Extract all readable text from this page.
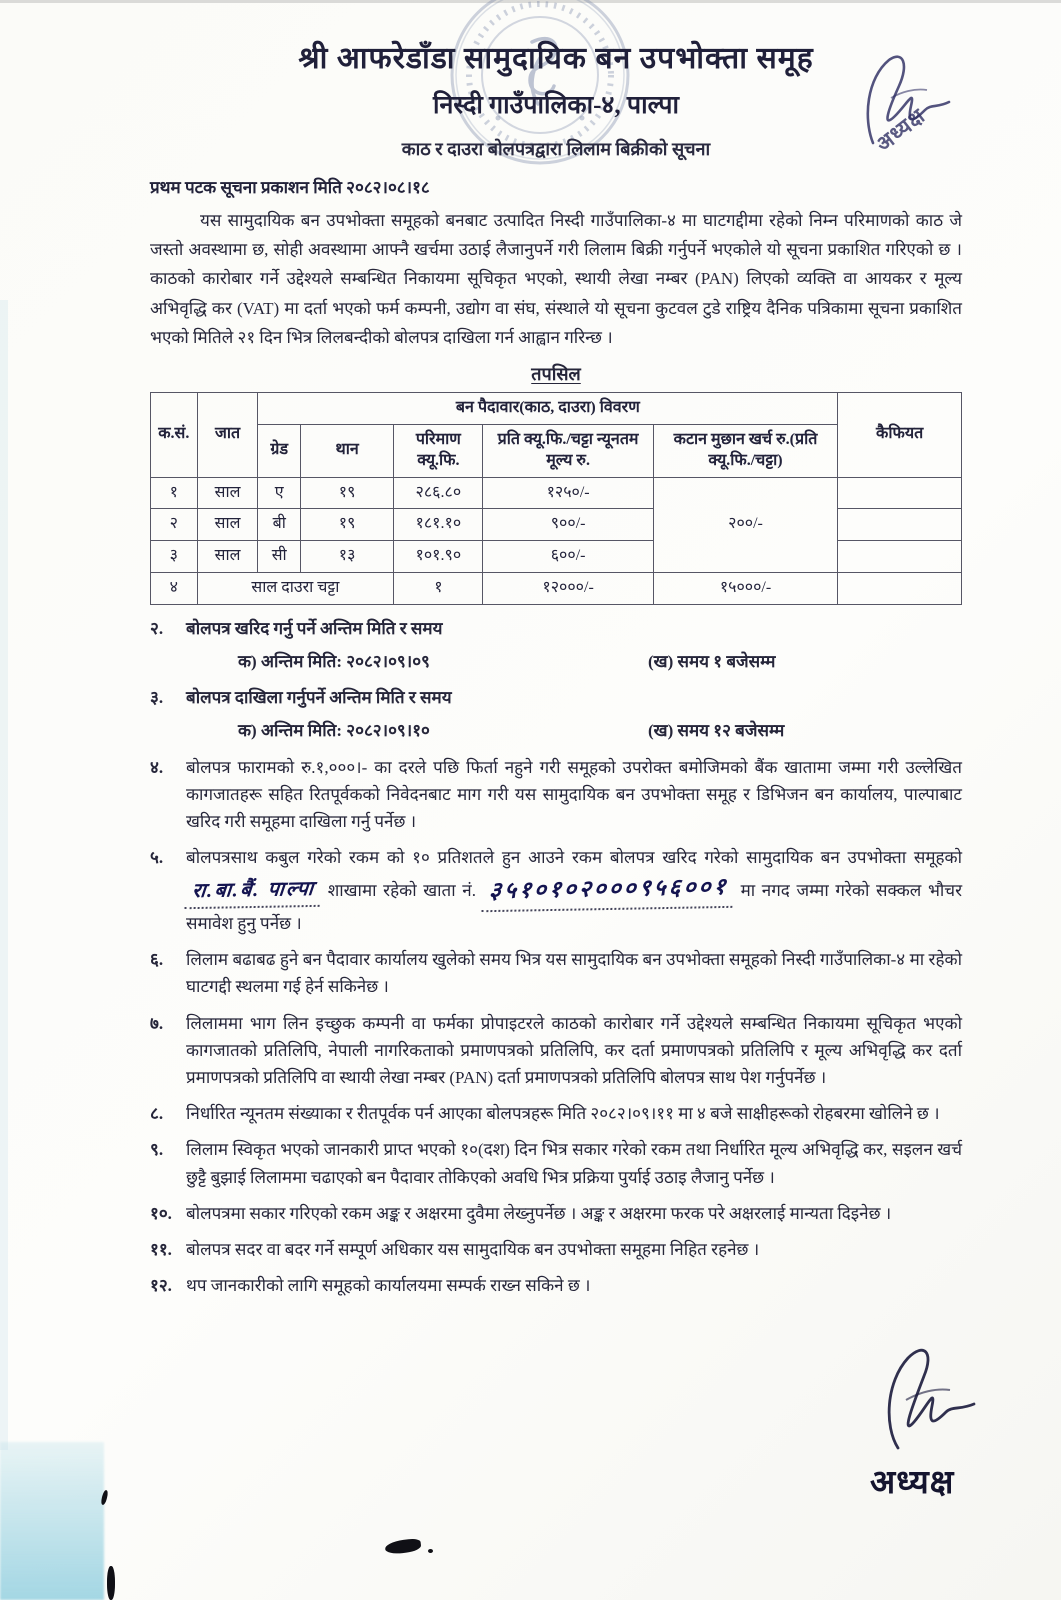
अध्यक्ष
श्री आफरेडाँडा सामुदायिक बन उपभोक्ता समूह
निस्दी गाउँपालिका-४, पाल्पा
काठ र दाउरा बोलपत्रद्वारा लिलाम बिक्रीको सूचना
प्रथम पटक सूचना प्रकाशन मिति २०८२।०८।१८
यस सामुदायिक बन उपभोक्ता समूहको बनबाट उत्पादित निस्दी गाउँपालिका-४ मा घाटगद्दीमा रहेको निम्न परिमाणको काठ जे जस्तो अवस्थामा छ, सोही अवस्थामा आफ्नै खर्चमा उठाई लैजानुपर्ने गरी लिलाम बिक्री गर्नुपर्ने भएकोले यो सूचना प्रकाशित गरिएको छ । काठको कारोबार गर्ने उद्देश्यले सम्बन्धित निकायमा सूचिकृत भएको, स्थायी लेखा नम्बर (PAN) लिएको व्यक्ति वा आयकर र मूल्य अभिवृद्धि कर (VAT) मा दर्ता भएको फर्म कम्पनी, उद्योग वा संघ, संस्थाले यो सूचना कुटवल टुडे राष्ट्रिय दैनिक पत्रिकामा सूचना प्रकाशित भएको मितिले २१ दिन भित्र लिलबन्दीको बोलपत्र दाखिला गर्न आह्वान गरिन्छ ।
तपसिल
क.सं.	जात	बन पैदावार(काठ, दाउरा) विवरण					कैफियत
		ग्रेड	थान	परिमाण क्यू.फि.	प्रति क्यू.फि./चट्टा न्यूनतम मूल्य रु.	कटान मुछान खर्च रु.(प्रति क्यू.फि./चट्टा)	
१	साल	ए	१९	२८६.८०	१२५०/-	२००/-	
२	साल	बी	१९	१८१.१०	९००/-		
३	साल	सी	१३	१०१.९०	६००/-		
४	साल दाउरा चट्टा			१	१२०००/-	१५०००/-	
२.	बोलपत्र खरिद गर्नु पर्ने अन्तिम मिति र समय
क) अन्तिम मिति: २०८२।०९।०९	(ख) समय १ बजेसम्म
३.	बोलपत्र दाखिला गर्नुपर्ने अन्तिम मिति र समय
क) अन्तिम मिति: २०८२।०९।१०	(ख) समय १२ बजेसम्म
४.	बोलपत्र फारामको रु.१,०००।- का दरले पछि फिर्ता नहुने गरी समूहको उपरोक्त बमोजिमको बैंक खातामा जम्मा गरी उल्लेखित कागजातहरू सहित रितपूर्वकको निवेदनबाट माग गरी यस सामुदायिक बन उपभोक्ता समूह र डिभिजन बन कार्यालय, पाल्पाबाट खरिद गरी समूहमा दाखिला गर्नु पर्नेछ ।
५.	बोलपत्रसाथ कबुल गरेको रकम को १० प्रतिशतले हुन आउने रकम बोलपत्र खरिद गरेको सामुदायिक बन उपभोक्ता समूहको रा.बा.बैं. पाल्पा शाखामा रहेको खाता नं. ३५१०१०२०००९५६००१ मा नगद जम्मा गरेको सक्कल भौचर समावेश हुनु पर्नेछ ।
६.	लिलाम बढाबढ हुने बन पैदावार कार्यालय खुलेको समय भित्र यस सामुदायिक बन उपभोक्ता समूहको निस्दी गाउँपालिका-४ मा रहेको घाटगद्दी स्थलमा गई हेर्न सकिनेछ ।
७.	लिलाममा भाग लिन इच्छुक कम्पनी वा फर्मका प्रोपाइटरले काठको कारोबार गर्ने उद्देश्यले सम्बन्धित निकायमा सूचिकृत भएको कागजातको प्रतिलिपि, नेपाली नागरिकताको प्रमाणपत्रको प्रतिलिपि, कर दर्ता प्रमाणपत्रको प्रतिलिपि र मूल्य अभिवृद्धि कर दर्ता प्रमाणपत्रको प्रतिलिपि वा स्थायी लेखा नम्बर (PAN) दर्ता प्रमाणपत्रको प्रतिलिपि बोलपत्र साथ पेश गर्नुपर्नेछ ।
८.	निर्धारित न्यूनतम संख्याका र रीतपूर्वक पर्न आएका बोलपत्रहरू मिति २०८२।०९।११ मा ४ बजे साक्षीहरूको रोहबरमा खोलिने छ ।
९.	लिलाम स्विकृत भएको जानकारी प्राप्त भएको १०(दश) दिन भित्र सकार गरेको रकम तथा निर्धारित मूल्य अभिवृद्धि कर, सइलन खर्च छुट्टै बुझाई लिलाममा चढाएको बन पैदावार तोकिएको अवधि भित्र प्रक्रिया पुर्याई उठाइ लैजानु पर्नेछ ।
१०. बोलपत्रमा सकार गरिएको रकम अङ्क र अक्षरमा दुवैमा लेख्नुपर्नेछ । अङ्क र अक्षरमा फरक परे अक्षरलाई मान्यता दिइनेछ ।
११. बोलपत्र सदर वा बदर गर्ने सम्पूर्ण अधिकार यस सामुदायिक बन उपभोक्ता समूहमा निहित रहनेछ ।
१२. थप जानकारीको लागि समूहको कार्यालयमा सम्पर्क राख्न सकिने छ ।
अध्यक्ष
